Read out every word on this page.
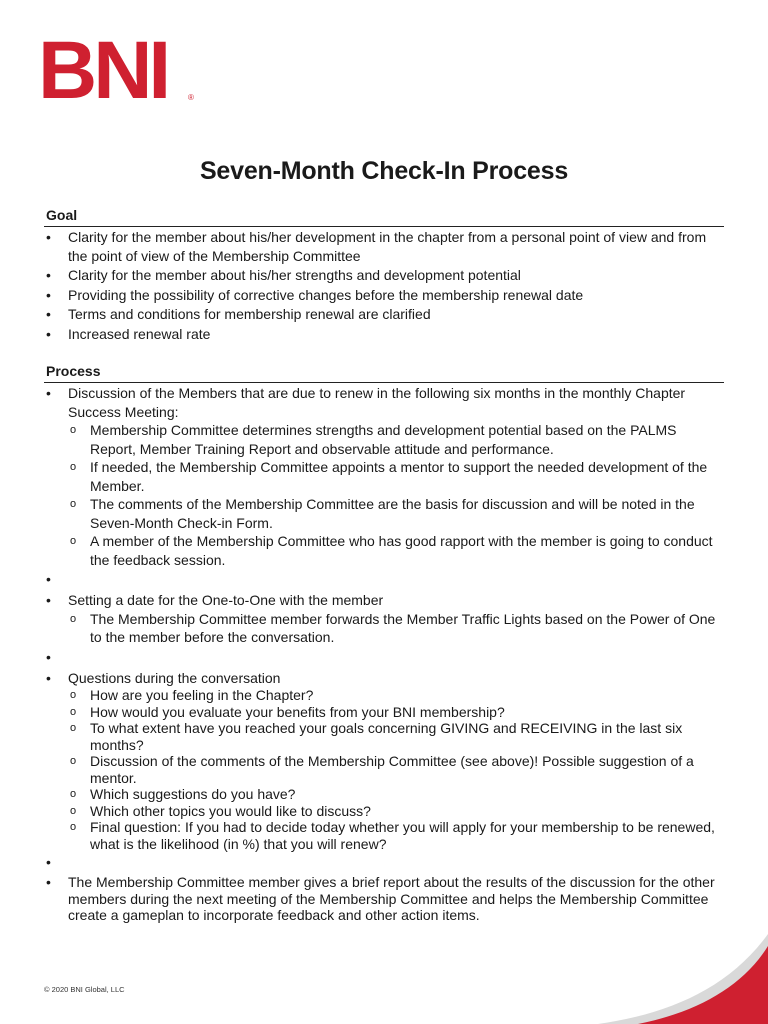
BNI	®
Seven-Month Check-In Process
Goal
• Clarity for the member about his/her development in the chapter from a personal point of view and from the point of view of the Membership Committee
• Clarity for the member about his/her strengths and development potential
• Providing the possibility of corrective changes before the membership renewal date
• Terms and conditions for membership renewal are clarified
• Increased renewal rate
Process
• Discussion of the Members that are due to renew in the following six months in the monthly Chapter Success Meeting:
o Membership Committee determines strengths and development potential based on the PALMS Report, Member Training Report and observable attitude and performance.
o If needed, the Membership Committee appoints a mentor to support the needed development of the Member.
o The comments of the Membership Committee are the basis for discussion and will be noted in the Seven-Month Check-in Form.
o A member of the Membership Committee who has good rapport with the member is going to conduct the feedback session.
•
• Setting a date for the One-to-One with the member
o The Membership Committee member forwards the Member Traffic Lights based on the Power of One to the member before the conversation.
•
• Questions during the conversation
o How are you feeling in the Chapter?
o How would you evaluate your benefits from your BNI membership?
o To what extent have you reached your goals concerning GIVING and RECEIVING in the last six months?
o Discussion of the comments of the Membership Committee (see above)! Possible suggestion of a mentor.
o Which suggestions do you have?
o Which other topics you would like to discuss?
o Final question: If you had to decide today whether you will apply for your membership to be renewed, what is the likelihood (in %) that you will renew?
•
• The Membership Committee member gives a brief report about the results of the discussion for the other members during the next meeting of the Membership Committee and helps the Membership Committee create a gameplan to incorporate feedback and other action items.
© 2020 BNI Global, LLC
